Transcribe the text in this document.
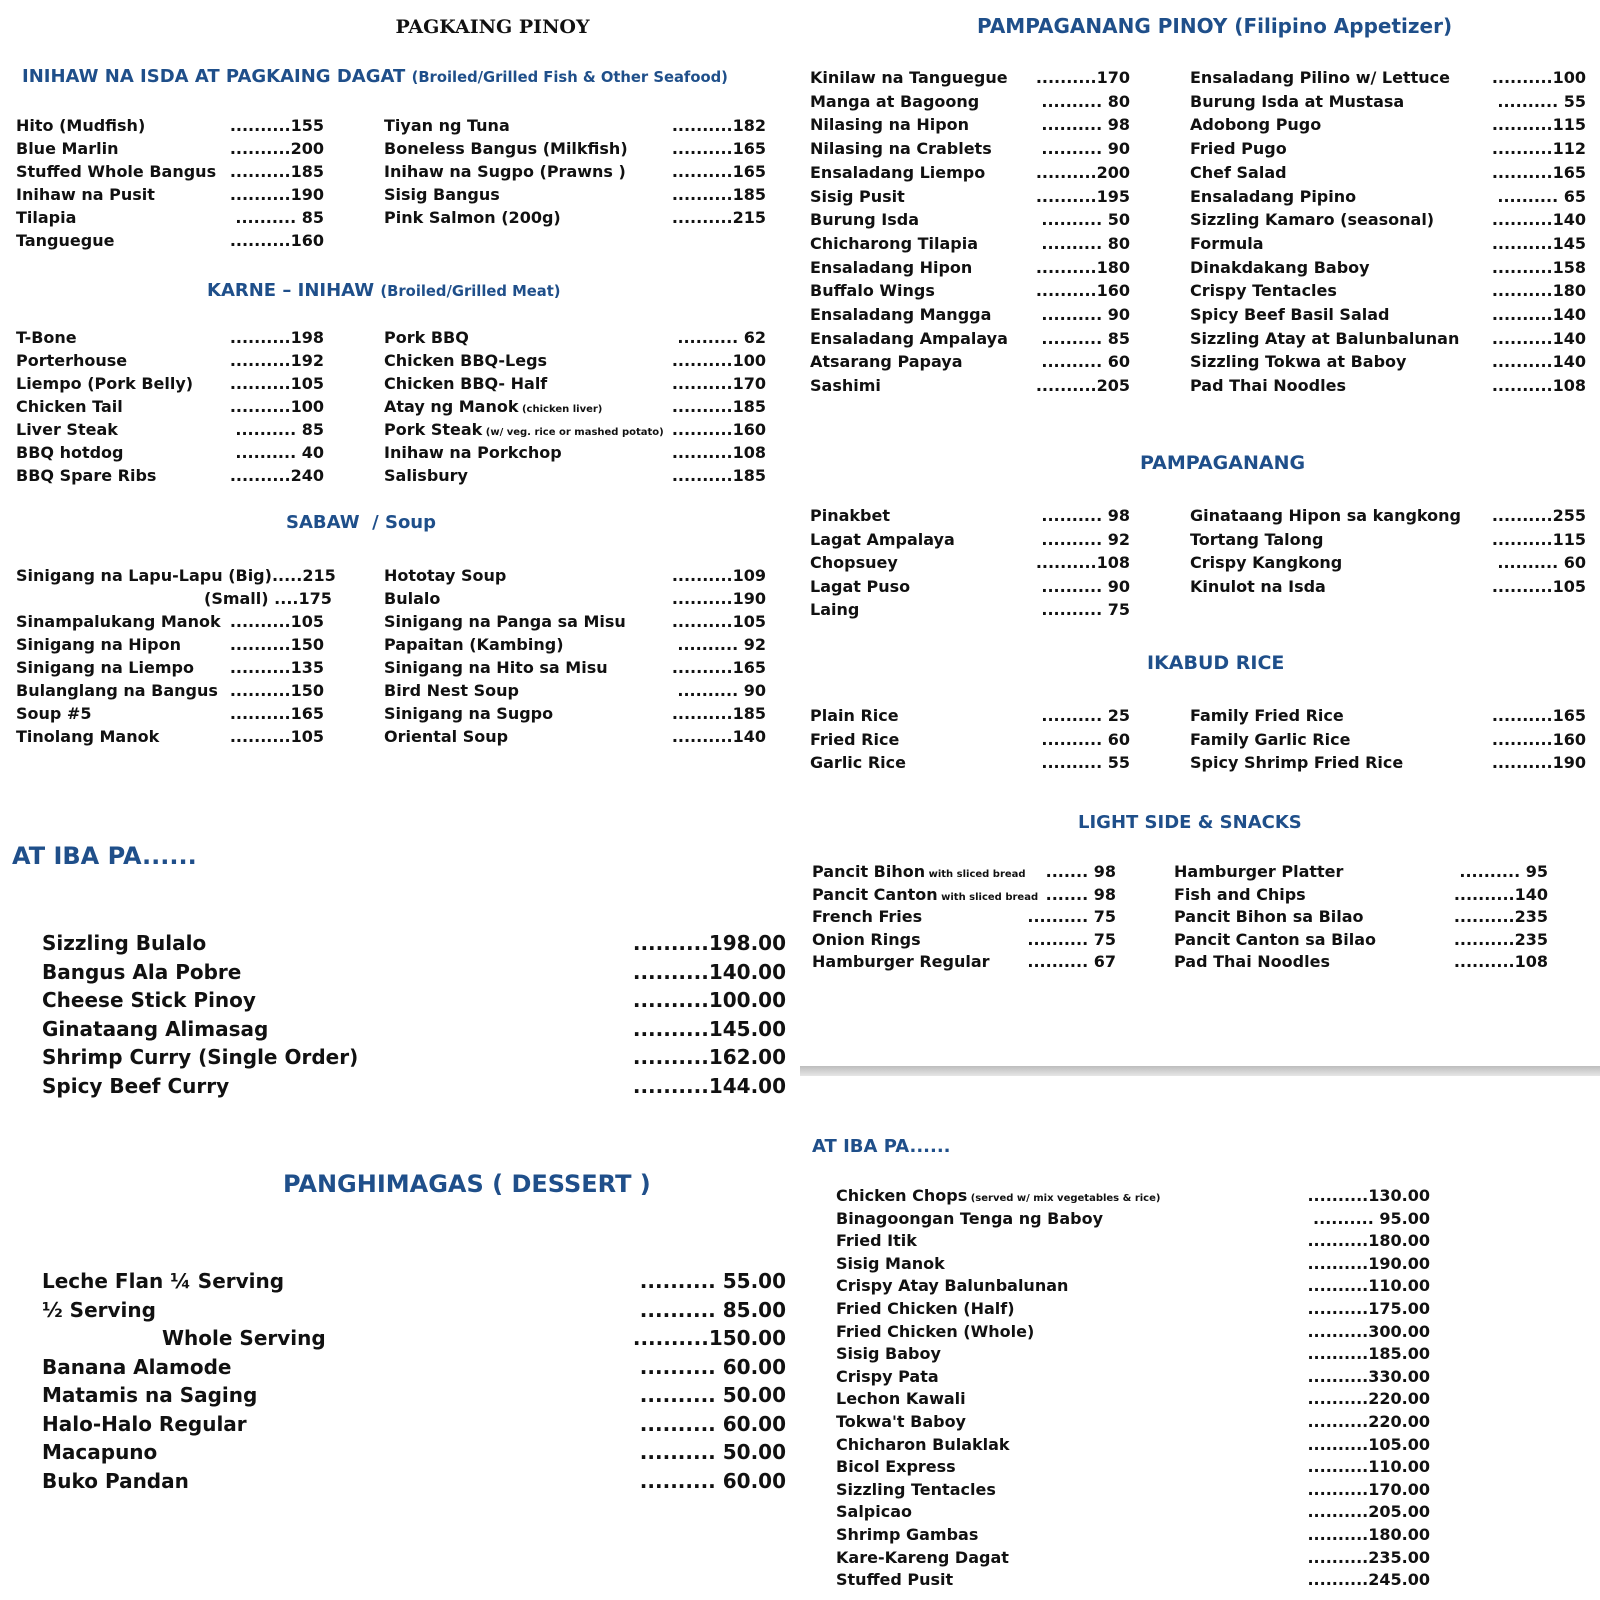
PAGKAING PINOY
INIHAW NA ISDA AT PAGKAING DAGAT (Broiled/Grilled Fish & Other Seafood)
Hito (Mudfish)	..........155
Blue Marlin	..........200
Stuffed Whole Bangus ..........185
Inihaw na Pusit	..........190
Tilapia	.......... 85
Tanguegue	..........160
Tiyan ng Tuna	..........182
Boneless Bangus (Milkfish)	..........165
Inihaw na Sugpo (Prawns )	..........165
Sisig Bangus	..........185
Pink Salmon (200g)	..........215
KARNE – INIHAW (Broiled/Grilled Meat)
T-Bone	..........198
Porterhouse	..........192
Liempo (Pork Belly) ..........105
Chicken Tail	..........100
Liver Steak	.......... 85
BBQ hotdog	.......... 40
BBQ Spare Ribs	..........240
Pork BBQ	.......... 62
Chicken BBQ-Legs	..........100
Chicken BBQ- Half	..........170
Atay ng Manok (chicken liver)	..........185
Pork Steak (w/ veg. rice or mashed potato) ..........160
Inihaw na Porkchop	..........108
Salisbury	..........185
SABAW / Soup
Sinigang na Lapu-Lapu (Big).....215
(Small) ....175
Sinampalukang Manok ..........105
Sinigang na Hipon	..........150
Sinigang na Liempo ..........135
Bulanglang na Bangus ..........150
Soup #5	..........165
Tinolang Manok	..........105
Hototay Soup	..........109
Bulalo	..........190
Sinigang na Panga sa Misu	..........105
Papaitan (Kambing)	.......... 92
Sinigang na Hito sa Misu	..........165
Bird Nest Soup	.......... 90
Sinigang na Sugpo	..........185
Oriental Soup	..........140
AT IBA PA......
Sizzling Bulalo	..........198.00
Bangus Ala Pobre	..........140.00
Cheese Stick Pinoy	..........100.00
Ginataang Alimasag	..........145.00
Shrimp Curry (Single Order)	..........162.00
Spicy Beef Curry	..........144.00
PANGHIMAGAS ( DESSERT )
Leche Flan ¼ Serving	.......... 55.00
½ Serving	.......... 85.00
Whole Serving	..........150.00
Banana Alamode	.......... 60.00
Matamis na Saging	.......... 50.00
Halo-Halo Regular	.......... 60.00
Macapuno	.......... 50.00
Buko Pandan	.......... 60.00
PAMPAGANANG PINOY (Filipino Appetizer)
Kinilaw na Tanguegue ..........170
Manga at Bagoong	.......... 80
Nilasing na Hipon	.......... 98
Nilasing na Crablets	.......... 90
Ensaladang Liempo	..........200
Sisig Pusit	..........195
Burung Isda	.......... 50
Chicharong Tilapia	.......... 80
Ensaladang Hipon	..........180
Buffalo Wings	..........160
Ensaladang Mangga	.......... 90
Ensaladang Ampalaya .......... 85
Atsarang Papaya	.......... 60
Sashimi	..........205
Ensaladang Pilino w/ Lettuce	..........100
Burung Isda at Mustasa	.......... 55
Adobong Pugo	..........115
Fried Pugo	..........112
Chef Salad	..........165
Ensaladang Pipino	.......... 65
Sizzling Kamaro (seasonal)	..........140
Formula	..........145
Dinakdakang Baboy	..........158
Crispy Tentacles	..........180
Spicy Beef Basil Salad	..........140
Sizzling Atay at Balunbalunan ..........140
Sizzling Tokwa at Baboy	..........140
Pad Thai Noodles	..........108
PAMPAGANANG
Pinakbet	.......... 98
Lagat Ampalaya	.......... 92
Chopsuey	..........108
Lagat Puso	.......... 90
Laing	.......... 75
Ginataang Hipon sa kangkong ..........255
Tortang Talong	..........115
Crispy Kangkong	.......... 60
Kinulot na Isda	..........105
IKABUD RICE
Plain Rice	.......... 25
Fried Rice	.......... 60
Garlic Rice	.......... 55
Family Fried Rice	..........165
Family Garlic Rice	..........160
Spicy Shrimp Fried Rice	..........190
LIGHT SIDE & SNACKS
Pancit Bihon with sliced bread ....... 98
Pancit Canton with sliced bread ....... 98
French Fries	.......... 75
Onion Rings	.......... 75
Hamburger Regular .......... 67
Hamburger Platter	.......... 95
Fish and Chips	..........140
Pancit Bihon sa Bilao	..........235
Pancit Canton sa Bilao	..........235
Pad Thai Noodles	..........108
AT IBA PA......
Chicken Chops (served w/ mix vegetables & rice)	..........130.00
Binagoongan Tenga ng Baboy	.......... 95.00
Fried Itik	..........180.00
Sisig Manok	..........190.00
Crispy Atay Balunbalunan	..........110.00
Fried Chicken (Half)	..........175.00
Fried Chicken (Whole)	..........300.00
Sisig Baboy	..........185.00
Crispy Pata	..........330.00
Lechon Kawali	..........220.00
Tokwa't Baboy	..........220.00
Chicharon Bulaklak	..........105.00
Bicol Express	..........110.00
Sizzling Tentacles	..........170.00
Salpicao	..........205.00
Shrimp Gambas	..........180.00
Kare-Kareng Dagat	..........235.00
Stuffed Pusit	..........245.00
